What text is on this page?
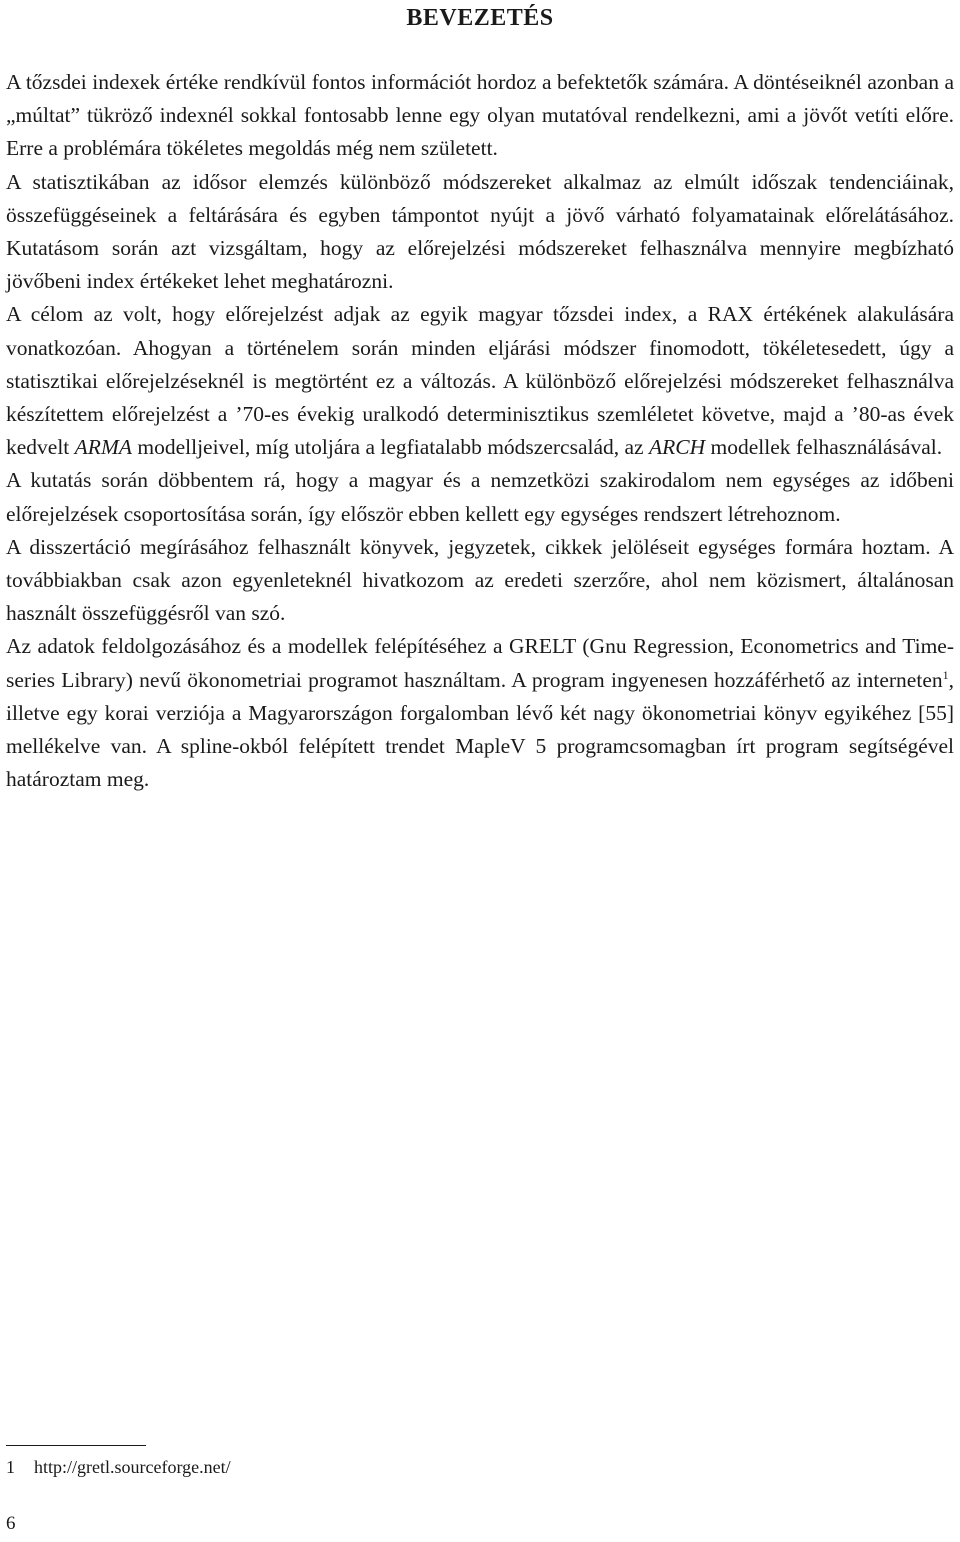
BEVEZETÉS

A tőzsdei indexek értéke rendkívül fontos információt hordoz a befektetők számára. A döntéseiknél azonban a „múltat” tükröző indexnél sokkal fontosabb lenne egy olyan mutatóval rendelkezni, ami a jövőt vetíti előre. Erre a problémára tökéletes megoldás még nem született.

A statisztikában az idősor elemzés különböző módszereket alkalmaz az elmúlt időszak tendenciáinak, összefüggéseinek a feltárására és egyben támpontot nyújt a jövő várható folyamatainak előrelátásához. Kutatásom során azt vizsgáltam, hogy az előrejelzési módszereket felhasználva mennyire megbízható jövőbeni index értékeket lehet meghatározni.

A célom az volt, hogy előrejelzést adjak az egyik magyar tőzsdei index, a RAX értékének alakulására vonatkozóan. Ahogyan a történelem során minden eljárási módszer finomodott, tökéletesedett, úgy a statisztikai előrejelzéseknél is megtörtént ez a változás. A különböző előrejelzési módszereket felhasználva készítettem előrejelzést a ’70-es évekig uralkodó determinisztikus szemléletet követve, majd a ’80-as évek kedvelt ARMA modelljeivel, míg utoljára a legfiatalabb módszercsalád, az ARCH modellek felhasználásával.

A kutatás során döbbentem rá, hogy a magyar és a nemzetközi szakirodalom nem egységes az időbeni előrejelzések csoportosítása során, így először ebben kellett egy egységes rendszert létrehoznom.

A disszertáció megírásához felhasznált könyvek, jegyzetek, cikkek jelöléseit egységes formára hoztam. A továbbiakban csak azon egyenleteknél hivatkozom az eredeti szerzőre, ahol nem közismert, általánosan használt összefüggésről van szó.

Az adatok feldolgozásához és a modellek felépítéséhez a GRELT (Gnu Regression, Econometrics and Time-series Library) nevű ökonometriai programot használtam. A program ingyenesen hozzáférhető az interneten$^1$, illetve egy korai verziója a Magyarországon forgalomban lévő két nagy ökonometriai könyv egyikéhez [55] mellékelve van. A spline-okból felépített trendet MapleV 5 programcsomagban írt program segítségével határoztam meg.

1 http://gretl.sourceforge.net/
6
